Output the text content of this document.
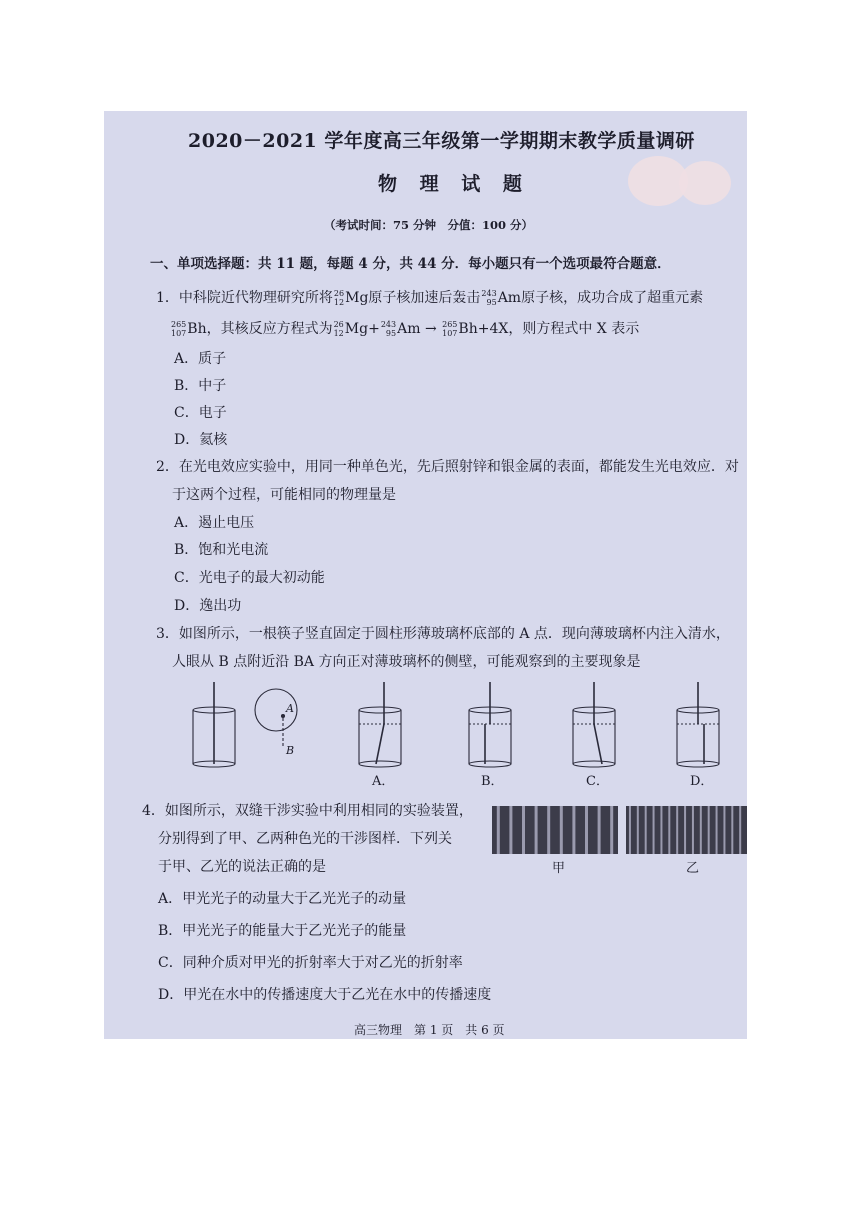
2020－2021 学年度高三年级第一学期期末教学质量调研
物 理 试 题
（考试时间：75 分钟　分值：100 分）
一、单项选择题：共 11 题，每题 4 分，共 44 分．每小题只有一个选项最符合题意．
1．中科院近代物理研究所将 26
12 Mg原子核加速后轰击 243
95 Am原子核，成功合成了超重元素
265
107 Bh，其核反应方程式为 26
12 Mg+ 243
95 Am → 265
107 Bh+4X，则方程式中 X 表示
A．质子
B．中子
C．电子
D．氦核
2．在光电效应实验中，用同一种单色光，先后照射锌和银金属的表面，都能发生光电效应．对
于这两个过程，可能相同的物理量是
A．遏止电压
B．饱和光电流
C．光电子的最大初动能
D．逸出功
3．如图所示，一根筷子竖直固定于圆柱形薄玻璃杯底部的 A 点．现向薄玻璃杯内注入清水，
人眼从 B 点附近沿 BA 方向正对薄玻璃杯的侧壁，可能观察到的主要现象是
A
B
A．	B．	C．	D．
4．如图所示，双缝干涉实验中利用相同的实验装置，
分别得到了甲、乙两种色光的干涉图样．下列关
于甲、乙光的说法正确的是	甲	乙
A．甲光光子的动量大于乙光光子的动量
B．甲光光子的能量大于乙光光子的能量
C．同种介质对甲光的折射率大于对乙光的折射率
D．甲光在水中的传播速度大于乙光在水中的传播速度
高三物理　第 1 页　共 6 页
